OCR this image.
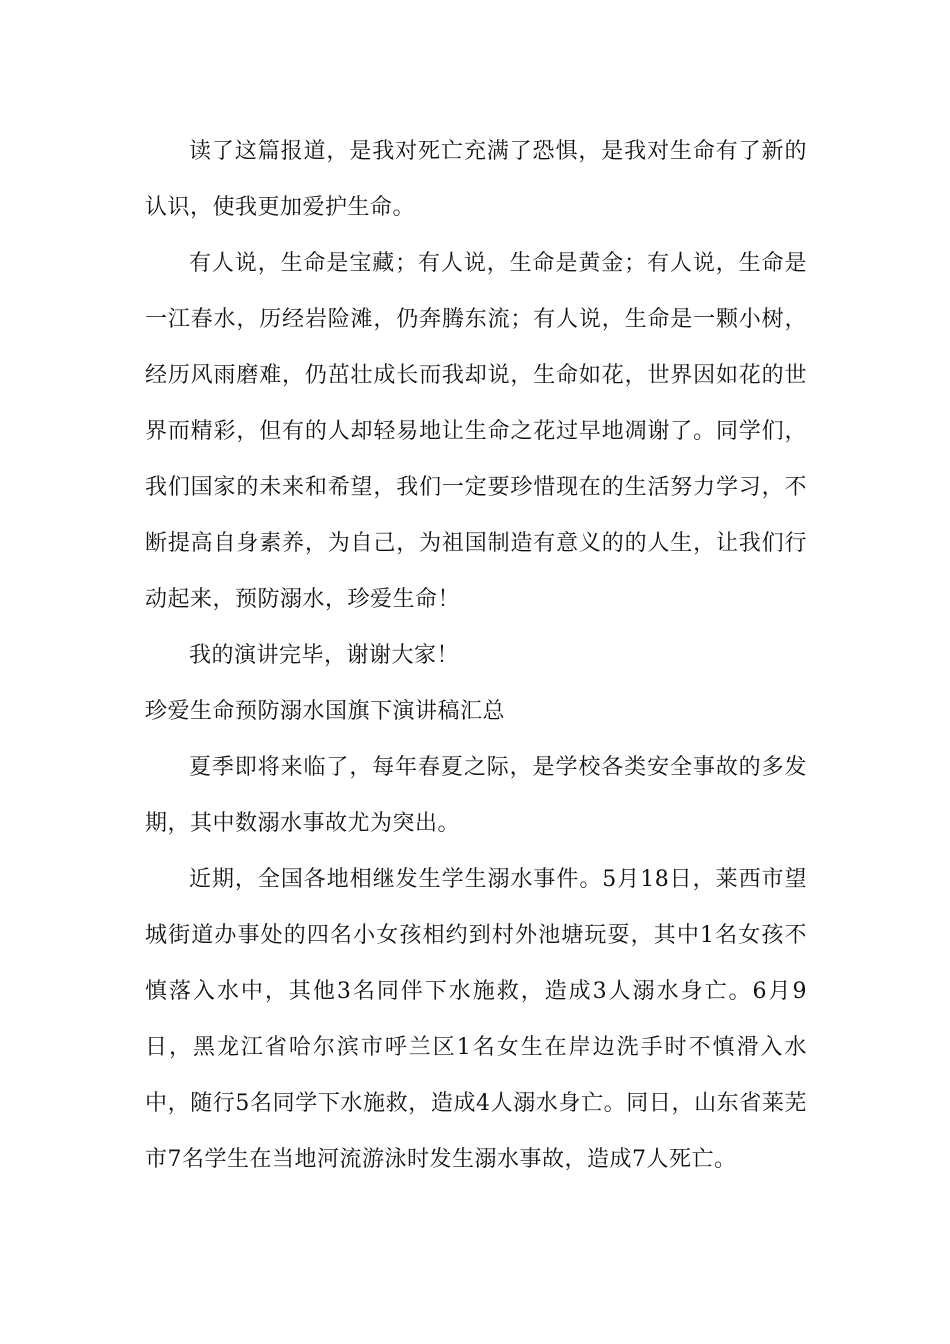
读了这篇报道，是我对死亡充满了恐惧，是我对生命有了新的认识，使我更加爱护生命。

有人说，生命是宝藏；有人说，生命是黄金；有人说，生命是一江春水，历经岩险滩，仍奔腾东流；有人说，生命是一颗小树，经历风雨磨难，仍茁壮成长而我却说，生命如花，世界因如花的世界而精彩，但有的人却轻易地让生命之花过早地凋谢了。同学们，我们国家的未来和希望，我们一定要珍惜现在的生活努力学习，不断提高自身素养，为自己，为祖国制造有意义的的人生，让我们行动起来，预防溺水，珍爱生命！

我的演讲完毕，谢谢大家！

珍爱生命预防溺水国旗下演讲稿汇总

夏季即将来临了，每年春夏之际，是学校各类安全事故的多发期，其中数溺水事故尤为突出。

近期，全国各地相继发生学生溺水事件。5月18日，莱西市望城街道办事处的四名小女孩相约到村外池塘玩耍，其中1名女孩不慎落入水中，其他3名同伴下水施救，造成3人溺水身亡。6月9日，黑龙江省哈尔滨市呼兰区1名女生在岸边洗手时不慎滑入水中，随行5名同学下水施救，造成4人溺水身亡。同日，山东省莱芜市7名学生在当地河流游泳时发生溺水事故，造成7人死亡。
